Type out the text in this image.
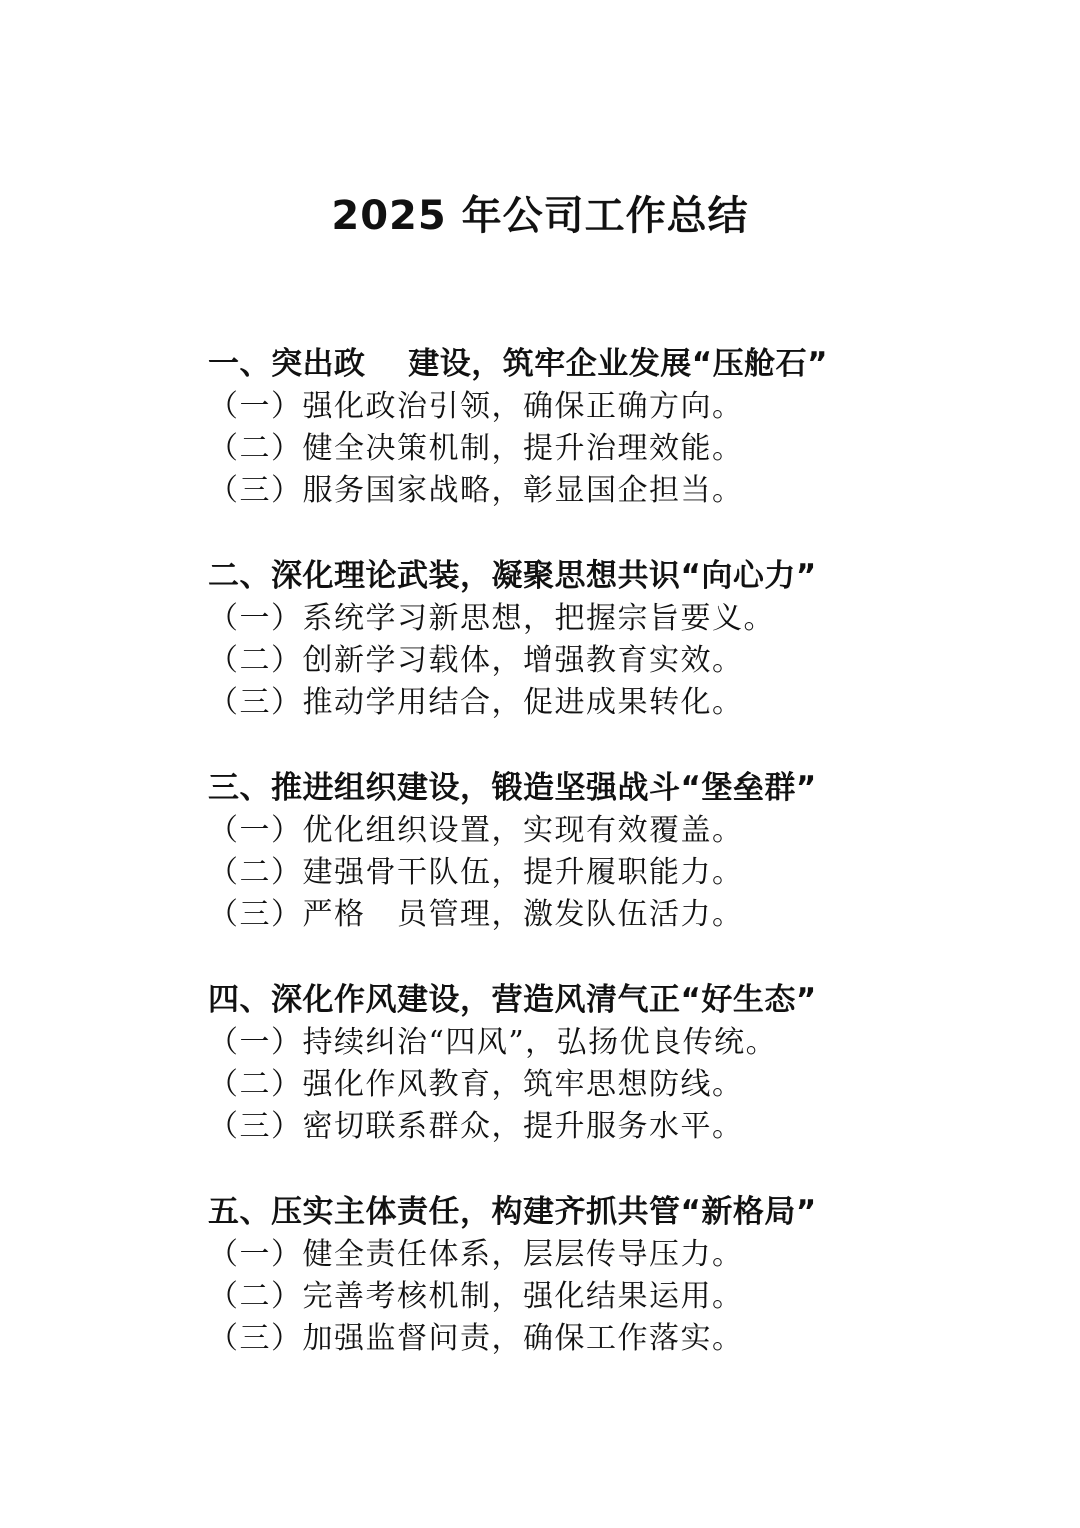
2025 年公司工作总结

一、突出政　 建设，筑牢企业发展“压舱石”

（一）强化政治引领，确保正确方向。

（二）健全决策机制，提升治理效能。

（三）服务国家战略，彰显国企担当。

二、深化理论武装，凝聚思想共识“向心力”

（一）系统学习新思想，把握宗旨要义。

（二）创新学习载体，增强教育实效。

（三）推动学用结合，促进成果转化。

三、推进组织建设，锻造坚强战斗“堡垒群”

（一）优化组织设置，实现有效覆盖。

（二）建强骨干队伍，提升履职能力。

（三）严格　员管理，激发队伍活力。

四、深化作风建设，营造风清气正“好生态”

（一）持续纠治“四风”，弘扬优良传统。

（二）强化作风教育，筑牢思想防线。

（三）密切联系群众，提升服务水平。

五、压实主体责任，构建齐抓共管“新格局”

（一）健全责任体系，层层传导压力。

（二）完善考核机制，强化结果运用。

（三）加强监督问责，确保工作落实。
